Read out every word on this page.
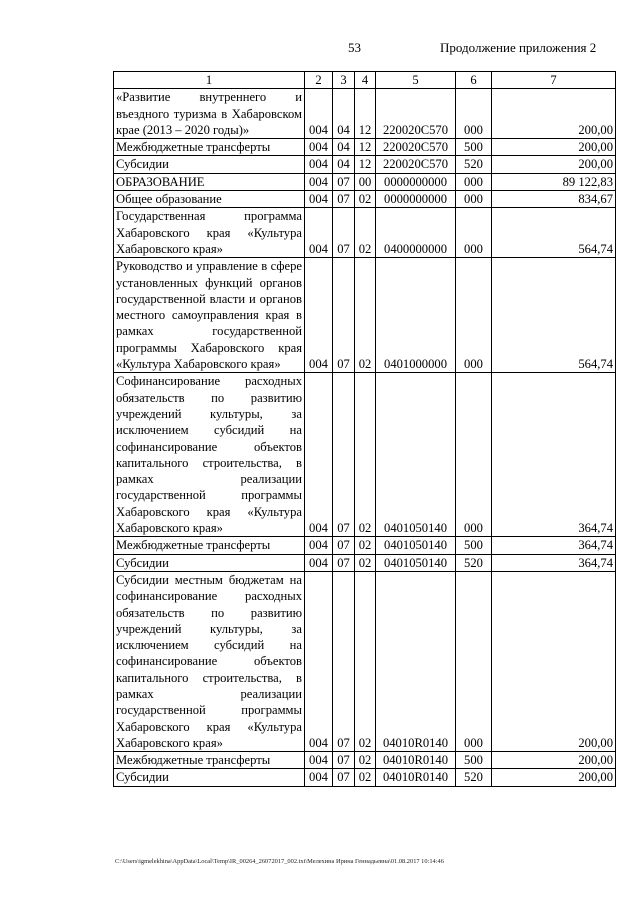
53	Продолжение приложения 2
1	2	3	4	5	6	7
«Развитие внутреннего и въездного туризма в Хабаровском крае (2013 – 2020 годы)»	004	04	12	220020C570	000	200,00
Межбюджетные трансферты	004	04	12	220020C570	500	200,00
Субсидии	004	04	12	220020C570	520	200,00
ОБРАЗОВАНИЕ	004	07	00	0000000000	000	89 122,83
Общее образование	004	07	02	0000000000	000	834,67
Государственная программа Хабаровского края «Культура Хабаровского края»	004	07	02	0400000000	000	564,74
Руководство и управление в сфере установленных функций органов государственной власти и органов местного самоуправления края в рамках государственной программы Хабаровского края «Культура Хабаровского края»	004	07	02	0401000000	000	564,74
Софинансирование расходных обязательств по развитию учреждений культуры, за исключением субсидий на софинансирование объектов капитального строительства, в рамках реализации государственной программы Хабаровского края «Культура Хабаровского края»	004	07	02	0401050140	000	364,74
Межбюджетные трансферты	004	07	02	0401050140	500	364,74
Субсидии	004	07	02	0401050140	520	364,74
Субсидии местным бюджетам на софинансирование расходных обязательств по развитию учреждений культуры, за исключением субсидий на софинансирование объектов капитального строительства, в рамках реализации государственной программы Хабаровского края «Культура Хабаровского края»	004	07	02	04010R0140	000	200,00
Межбюджетные трансферты	004	07	02	04010R0140	500	200,00
Субсидии	004	07	02	04010R0140	520	200,00
C:\Users\igmelekhina\AppData\Local\Temp\IR_00264_26072017_002.txt\Мелехина Ирина Геннадьевна\01.08.2017 10:14:46
